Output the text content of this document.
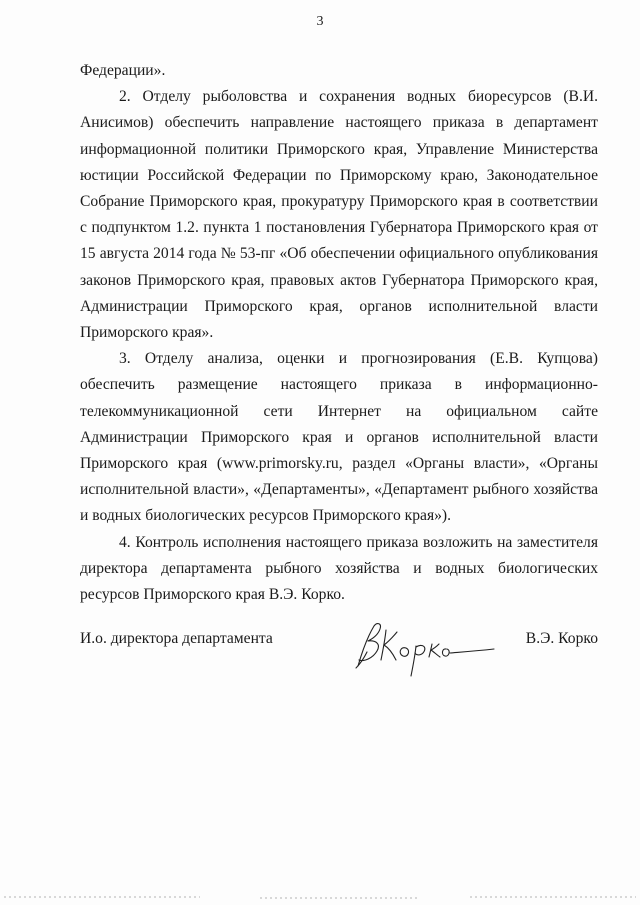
3

Федерации».

2. Отделу рыболовства и сохранения водных биоресурсов (В.И. Анисимов) обеспечить направление настоящего приказа в департамент информационной политики Приморского края, Управление Министерства юстиции Российской Федерации по Приморскому краю, Законодательное Собрание Приморского края, прокуратуру Приморского края в соответствии с подпунктом 1.2. пункта 1 постановления Губернатора Приморского края от 15 августа 2014 года № 53-пг «Об обеспечении официального опубликования законов Приморского края, правовых актов Губернатора Приморского края, Администрации Приморского края, органов исполнительной власти Приморского края».

3. Отделу анализа, оценки и прогнозирования (Е.В. Купцова) обеспечить размещение настоящего приказа в информационно-телекоммуникационной сети Интернет на официальном сайте Администрации Приморского края и органов исполнительной власти Приморского края (www.primorsky.ru, раздел «Органы власти», «Органы исполнительной власти», «Департаменты», «Департамент рыбного хозяйства и водных биологических ресурсов Приморского края»).

4. Контроль исполнения настоящего приказа возложить на заместителя директора департамента рыбного хозяйства и водных биологических ресурсов Приморского края В.Э. Корко.

И.о. директора департамента	В.Э. Корко
